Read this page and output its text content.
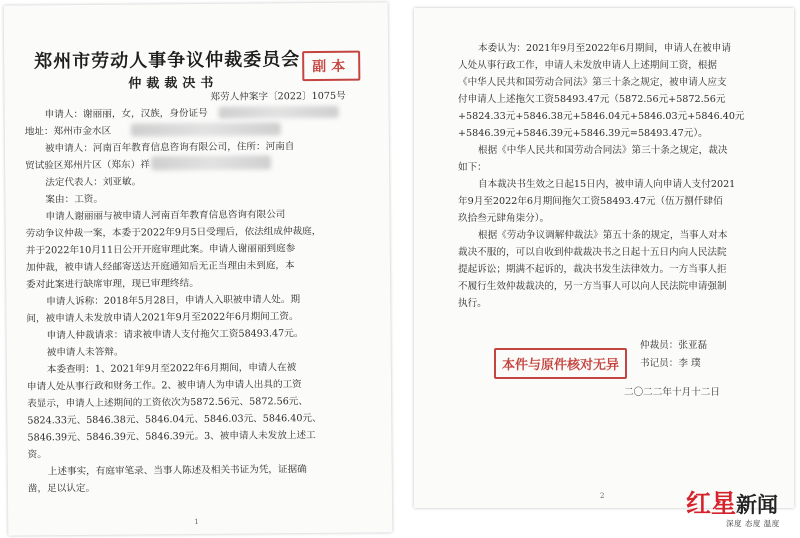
郑州市劳动人事争议仲裁委员会 副本
仲裁裁决书
郑劳人仲案字〔2022〕1075号
申请人：谢丽丽，女，汉族，身份证号
地址：郑州市金水区
被申请人：河南百年教育信息咨询有限公司，住所：河南自
贸试验区郑州片区（郑东）祥
法定代表人：刘亚敏。
案由：工资。
申请人谢丽丽与被申请人河南百年教育信息咨询有限公司
劳动争议仲裁一案，本委于2022年9月5日受理后，依法组成仲裁庭，
并于2022年10月11日公开开庭审理此案。申请人谢丽丽到庭参
加仲裁，被申请人经邮寄送达开庭通知后无正当理由未到庭，本
委对此案进行缺席审理，现已审理终结。
申请人诉称：2018年5月28日，申请人入职被申请人处。期
间，被申请人未发放申请人2021年9月至2022年6月期间工资。
申请人仲裁请求：请求被申请人支付拖欠工资58493.47元。
被申请人未答辩。
本委查明：1、2021年9月至2022年6月期间，申请人在被
申请人处从事行政和财务工作。2、被申请人为申请人出具的工资
表显示，申请人上述期间的工资依次为5872.56元、5872.56元、
5824.33元、5846.38元、5846.04元、5846.03元、5846.40元、
5846.39元、5846.39元、5846.39元。3、被申请人未发放上述工
资。
上述事实，有庭审笔录、当事人陈述及相关书证为凭，证据确
凿，足以认定。
1
本委认为：2021年9月至2022年6月期间，申请人在被申请
人处从事行政工作，申请人未发放申请人上述期间工资，根据
《中华人民共和国劳动合同法》第三十条之规定，被申请人应支
付申请人上述拖欠工资58493.47元（5872.56元+5872.56元
+5824.33元+5846.38元+5846.04元+5846.03元+5846.40元
+5846.39元+5846.39元+5846.39元=58493.47元）。
根据《中华人民共和国劳动合同法》第三十条之规定，裁决
如下：
自本裁决书生效之日起15日内，被申请人向申请人支付2021
年9月至2022年6月期间拖欠工资58493.47元（伍万捌仟肆佰
玖拾叁元肆角柒分）。
根据《劳动争议调解仲裁法》第五十条的规定，当事人对本
裁决不服的，可以自收到仲裁裁决书之日起十五日内向人民法院
提起诉讼；期满不起诉的，裁决书发生法律效力。一方当事人拒
不履行生效仲裁裁决的，另一方当事人可以向人民法院申请强制
执行。
本件与原件核对无异
仲裁员：张亚磊
书记员：李 璞
二〇二二年十月十二日
2	红星新闻
深度 态度 温度
